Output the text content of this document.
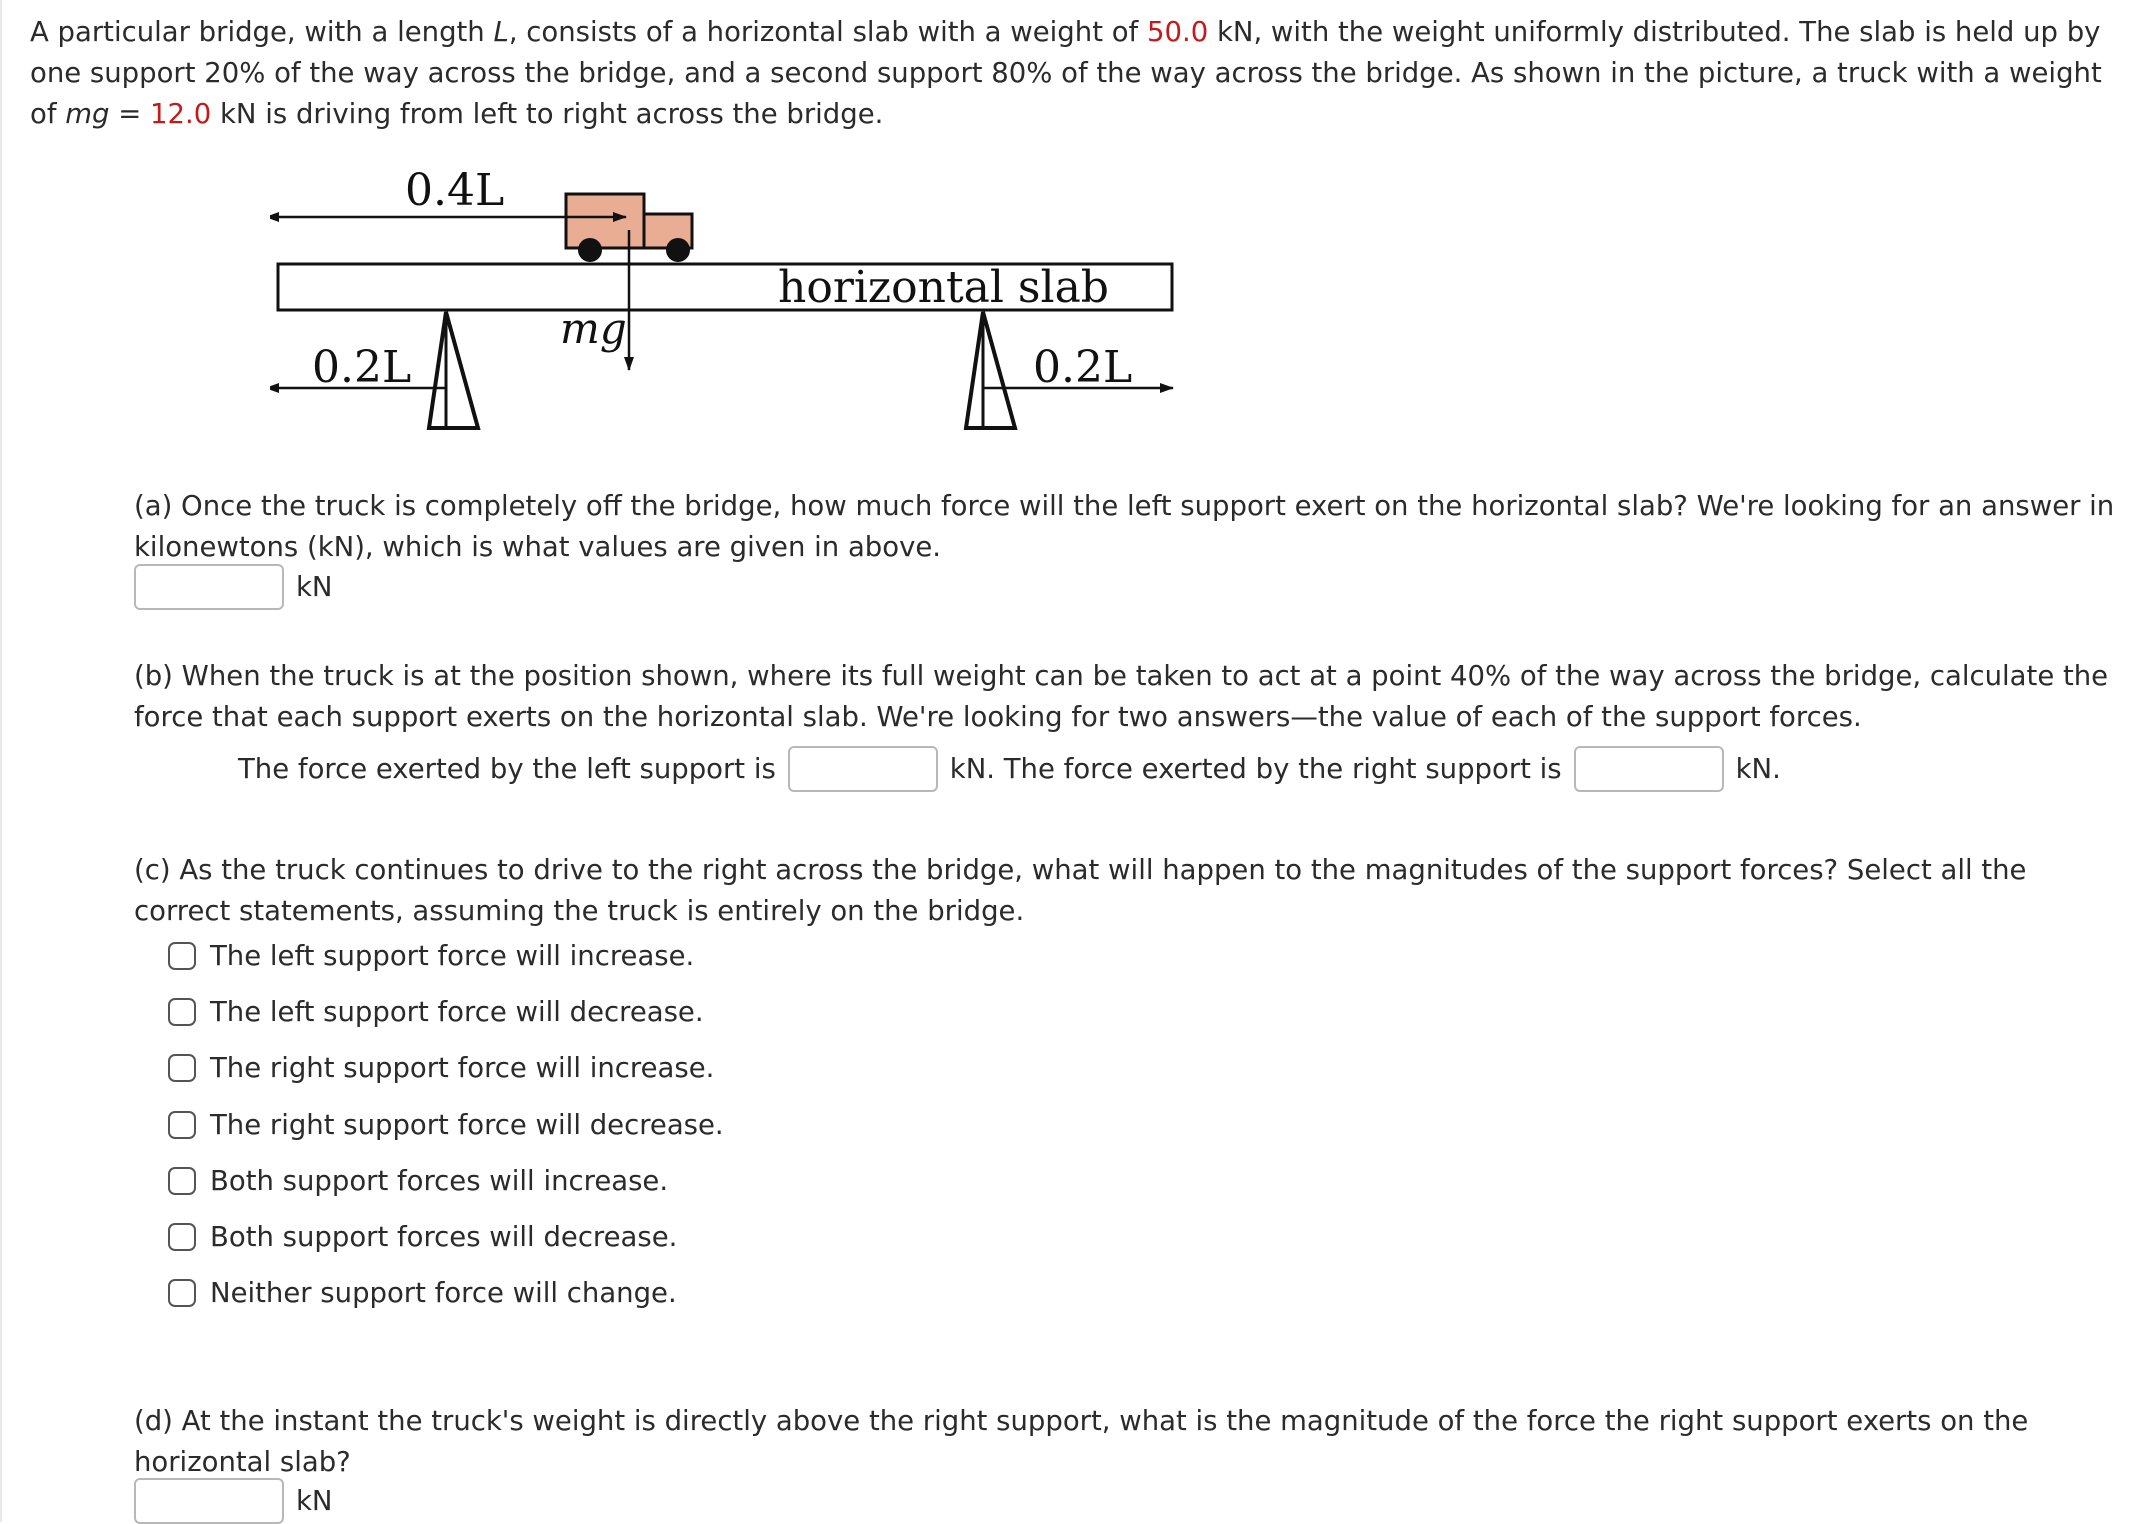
A particular bridge, with a length L, consists of a horizontal slab with a weight of 50.0 kN, with the weight uniformly distributed. The slab is held up by one support 20% of the way across the bridge, and a second support 80% of the way across the bridge. As shown in the picture, a truck with a weight of mg = 12.0 kN is driving from left to right across the bridge.

0.4L
horizontal slab
mg
0.2L	0.2L

(a) Once the truck is completely off the bridge, how much force will the left support exert on the horizontal slab? We're looking for an answer in kilonewtons (kN), which is what values are given in above.

kN

(b) When the truck is at the position shown, where its full weight can be taken to act at a point 40% of the way across the bridge, calculate the force that each support exerts on the horizontal slab. We're looking for two answers—the value of each of the support forces.

The force exerted by the left support is	kN. The force exerted by the right support is	kN.

(c) As the truck continues to drive to the right across the bridge, what will happen to the magnitudes of the support forces? Select all the correct statements, assuming the truck is entirely on the bridge.

The left support force will increase.
The left support force will decrease.
The right support force will increase.
The right support force will decrease.
Both support forces will increase.
Both support forces will decrease.
Neither support force will change.

(d) At the instant the truck's weight is directly above the right support, what is the magnitude of the force the right support exerts on the horizontal slab?

kN
